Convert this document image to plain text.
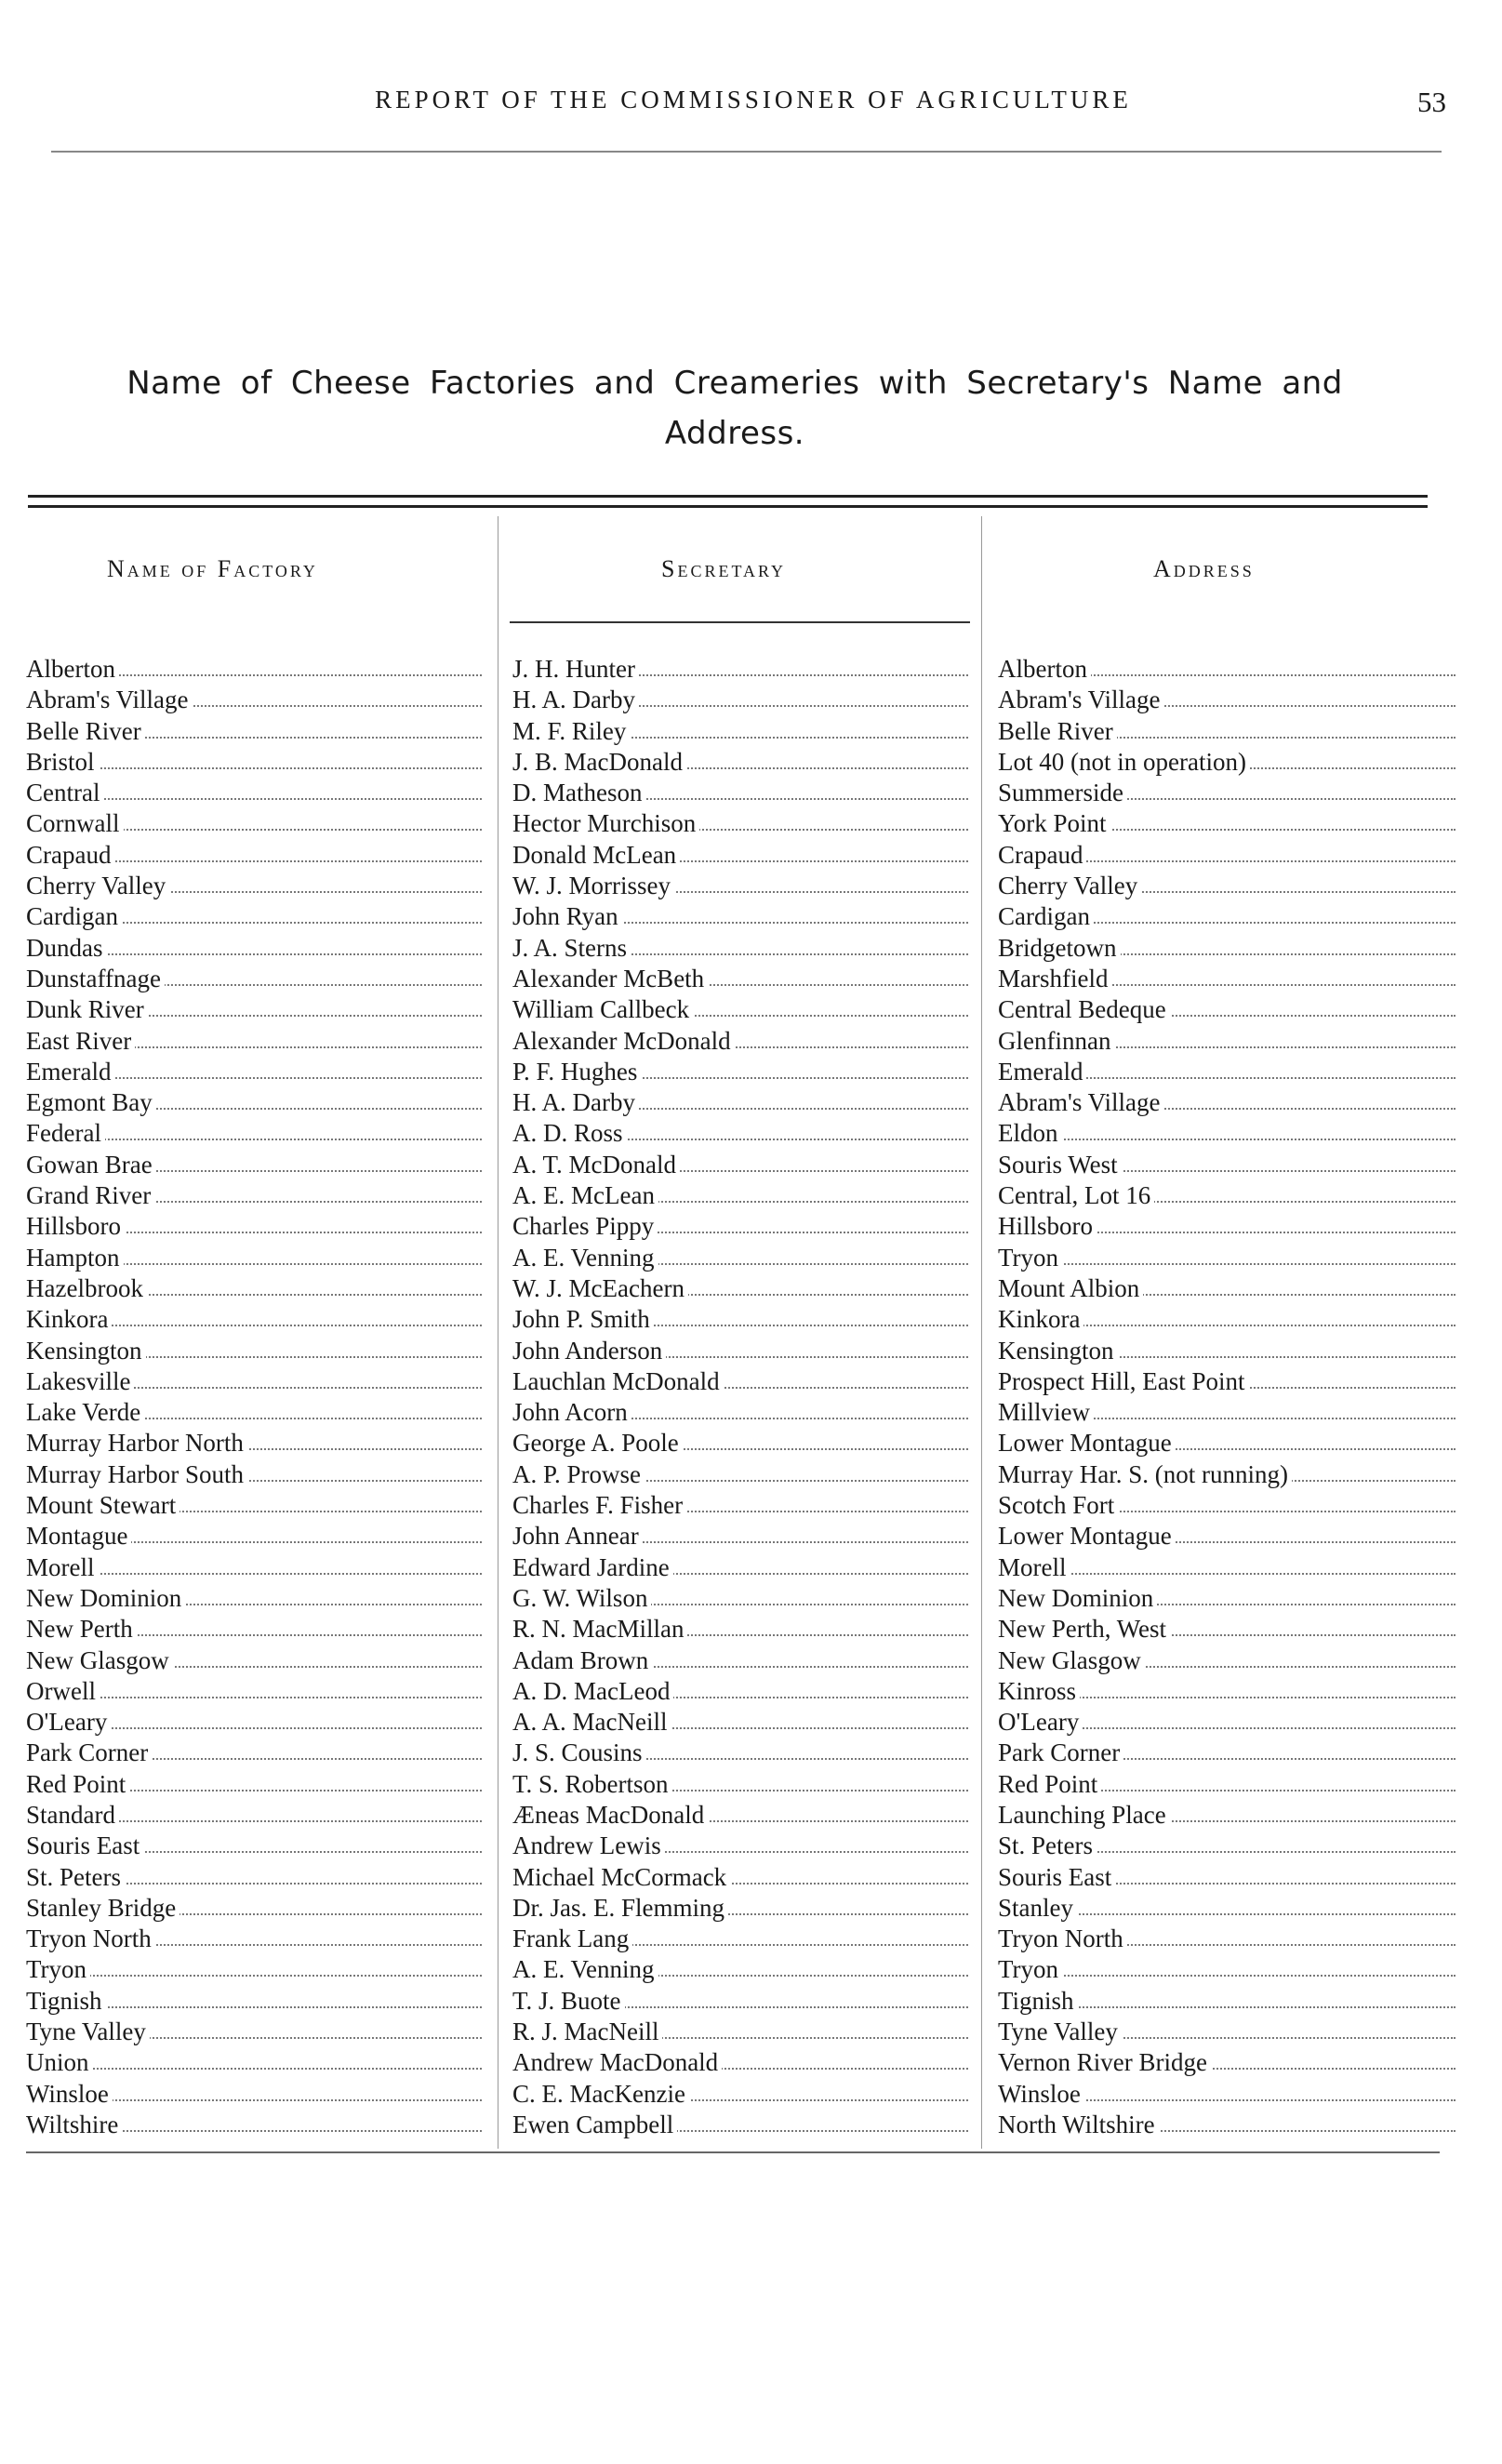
REPORT OF THE COMMISSIONER OF AGRICULTURE	53
Name of Cheese Factories and Creameries with Secretary's Name and
Address.
Name of Factory	Secretary	Address
Alberton	J. H. Hunter	Alberton
Abram's Village	H. A. Darby	Abram's Village
Belle River	M. F. Riley	Belle River
Bristol	J. B. MacDonald	Lot 40 (not in operation)
Central	D. Matheson	Summerside
Cornwall	Hector Murchison	York Point
Crapaud	Donald McLean	Crapaud
Cherry Valley	W. J. Morrissey	Cherry Valley
Cardigan	John Ryan	Cardigan
Dundas	J. A. Sterns	Bridgetown
Dunstaffnage	Alexander McBeth	Marshfield
Dunk River	William Callbeck	Central Bedeque
East River	Alexander McDonald	Glenfinnan
Emerald	P. F. Hughes	Emerald
Egmont Bay	H. A. Darby	Abram's Village
Federal	A. D. Ross	Eldon
Gowan Brae	A. T. McDonald	Souris West
Grand River	A. E. McLean	Central, Lot 16
Hillsboro	Charles Pippy	Hillsboro
Hampton	A. E. Venning	Tryon
Hazelbrook	W. J. McEachern	Mount Albion
Kinkora	John P. Smith	Kinkora
Kensington	John Anderson	Kensington
Lakesville	Lauchlan McDonald	Prospect Hill, East Point
Lake Verde	John Acorn	Millview
Murray Harbor North	George A. Poole	Lower Montague
Murray Harbor South	A. P. Prowse	Murray Har. S. (not running)
Mount Stewart	Charles F. Fisher	Scotch Fort
Montague	John Annear	Lower Montague
Morell	Edward Jardine	Morell
New Dominion	G. W. Wilson	New Dominion
New Perth	R. N. MacMillan	New Perth, West
New Glasgow	Adam Brown	New Glasgow
Orwell	A. D. MacLeod	Kinross
O'Leary	A. A. MacNeill	O'Leary
Park Corner	J. S. Cousins	Park Corner
Red Point	T. S. Robertson	Red Point
Standard	Æneas MacDonald	Launching Place
Souris East	Andrew Lewis	St. Peters
St. Peters	Michael McCormack	Souris East
Stanley Bridge	Dr. Jas. E. Flemming	Stanley
Tryon North	Frank Lang	Tryon North
Tryon	A. E. Venning	Tryon
Tignish	T. J. Buote	Tignish
Tyne Valley	R. J. MacNeill	Tyne Valley
Union	Andrew MacDonald	Vernon River Bridge
Winsloe	C. E. MacKenzie	Winsloe
Wiltshire	Ewen Campbell	North Wiltshire
